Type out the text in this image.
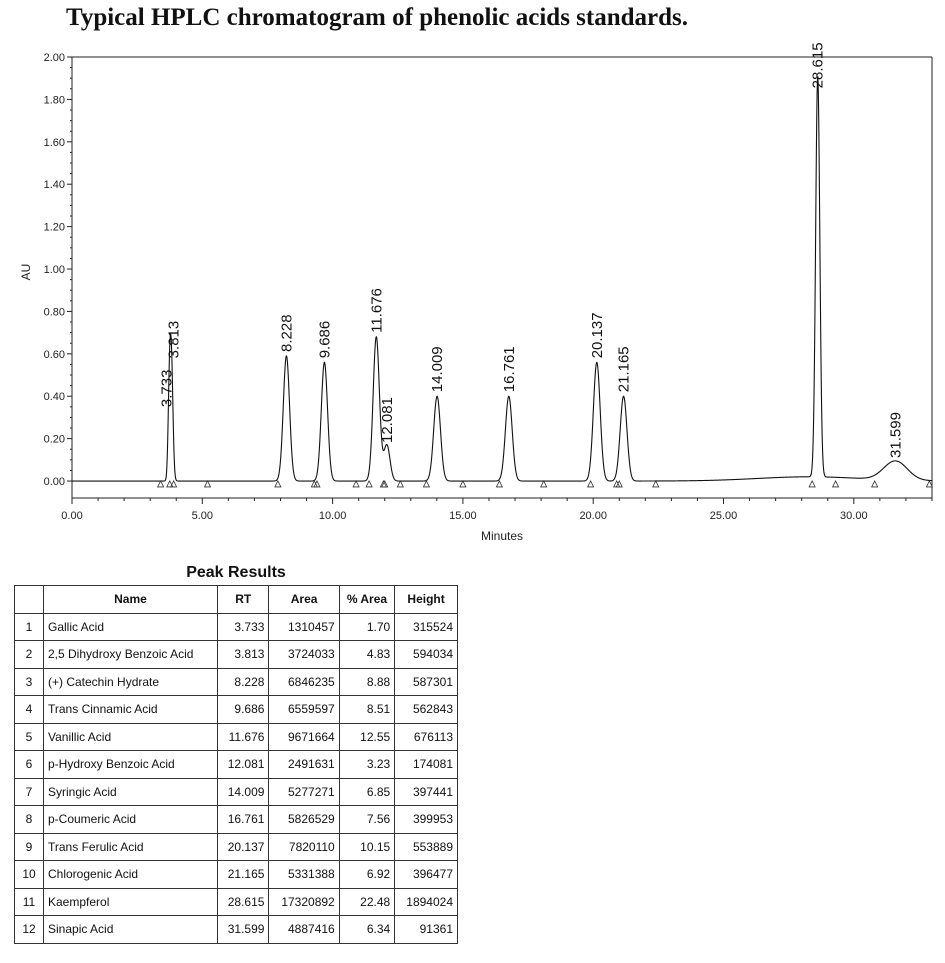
Typical HPLC chromatogram of phenolic acids standards.
0.00
0.20
0.40
0.60
0.80
1.00
1.20
1.40
1.60
1.80
2.00
0.00	5.00	10.00	15.00	20.00	25.00	30.00
3.733
3.813	8.228 9.686
11.676
12.081
14.009	16.761
20.137
21.165
28.615
31.599
Minutes
AU
Peak Results
	Name	RT	Area	% Area	Height
1	Gallic Acid	3.733	1310457	1.70	315524
2	2,5 Dihydroxy Benzoic Acid	3.813	3724033	4.83	594034
3	(+) Catechin Hydrate	8.228	6846235	8.88	587301
4	Trans Cinnamic Acid	9.686	6559597	8.51	562843
5	Vanillic Acid	11.676	9671664	12.55	676113
6	p-Hydroxy Benzoic Acid	12.081	2491631	3.23	174081
7	Syringic Acid	14.009	5277271	6.85	397441
8	p-Coumeric Acid	16.761	5826529	7.56	399953
9	Trans Ferulic Acid	20.137	7820110	10.15	553889
10	Chlorogenic Acid	21.165	5331388	6.92	396477
11	Kaempferol	28.615	17320892	22.48	1894024
12	Sinapic Acid	31.599	4887416	6.34	91361
